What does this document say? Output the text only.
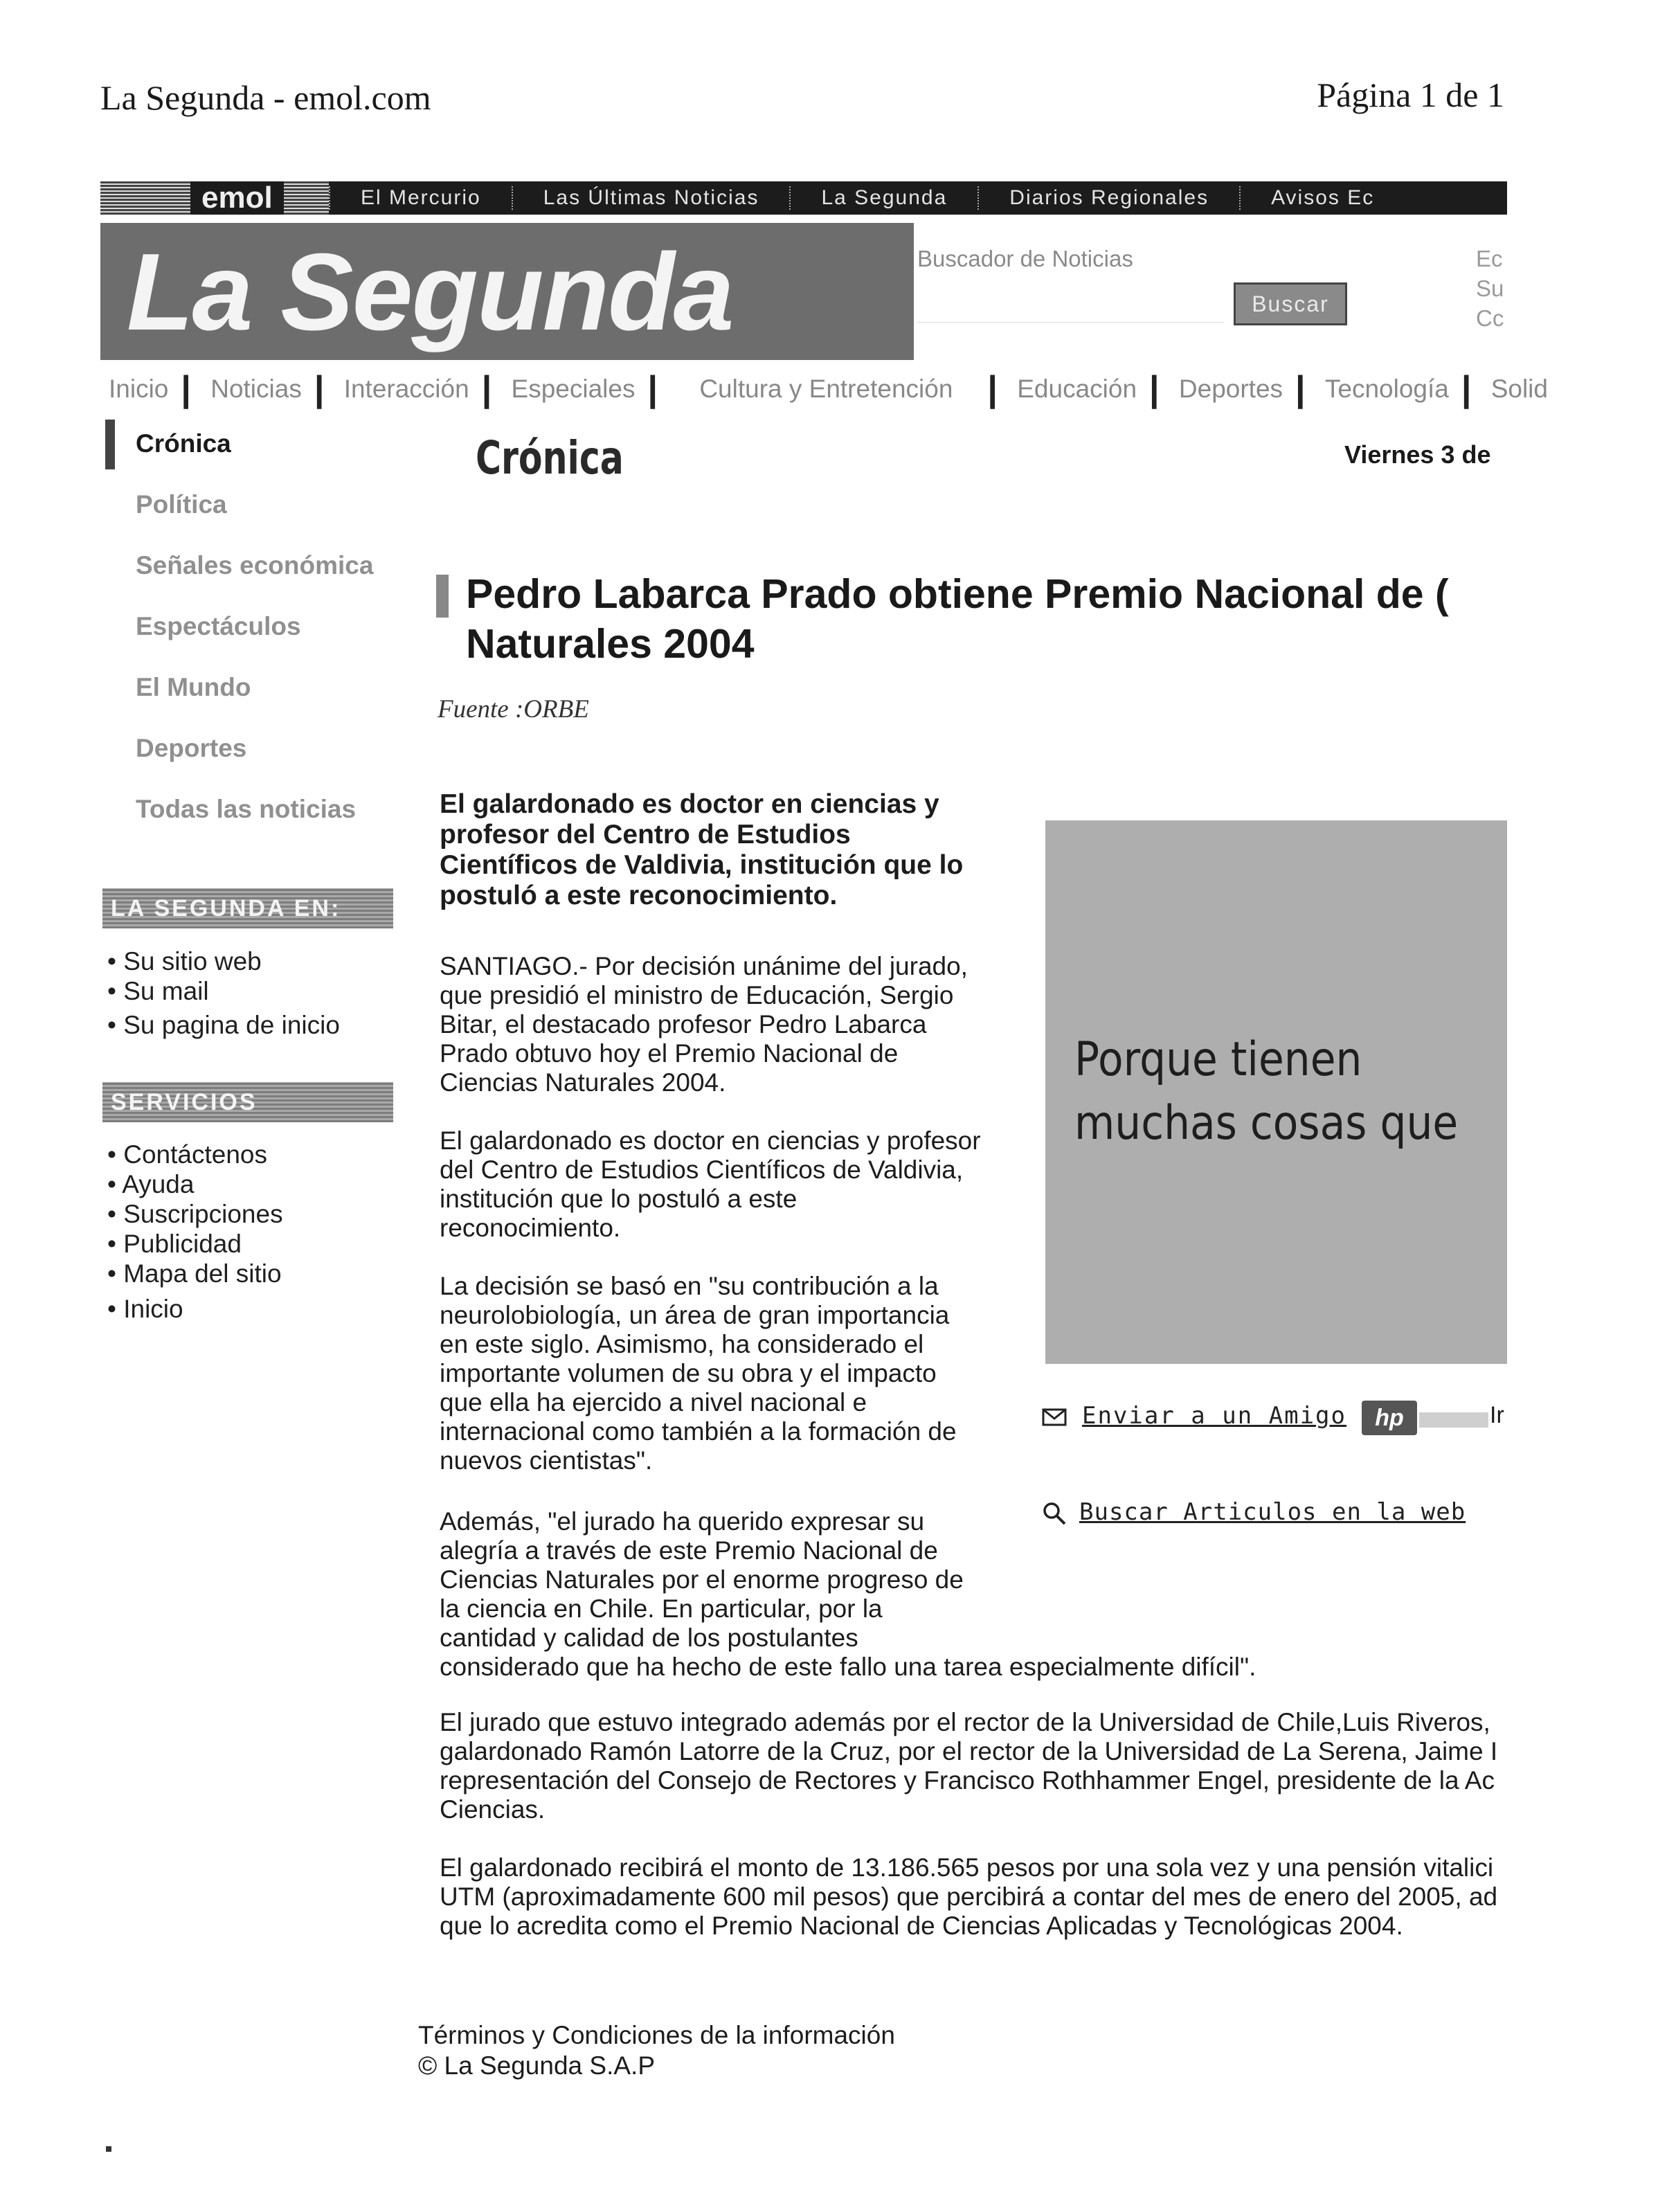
La Segunda - emol.com	Página 1 de 1
emol	El Mercurio	Las Últimas Noticias	La Segunda	Diarios Regionales	Avisos Ec
La Segunda	Buscador de Noticias
Buscar
Ec
Su
Cc
Inicio | Noticias | Interacción | Especiales | Cultura y Entretención | Educación | Deportes | Tecnología | Solid
Crónica
Política
Señales económica
Espectáculos
El Mundo
Deportes
Todas las noticias
LA SEGUNDA EN:
• Su sitio web
• Su mail
• Su pagina de inicio
SERVICIOS
• Contáctenos
• Ayuda
• Suscripciones
• Publicidad
• Mapa del sitio
• Inicio
Crónica	Viernes 3 de
Pedro Labarca Prado obtiene Premio Nacional de (
Naturales 2004
Fuente :ORBE
El galardonado es doctor en ciencias y
profesor del Centro de Estudios
Científicos de Valdivia, institución que lo
postuló a este reconocimiento.
SANTIAGO.- Por decisión unánime del jurado,
que presidió el ministro de Educación, Sergio
Bitar, el destacado profesor Pedro Labarca
Prado obtuvo hoy el Premio Nacional de
Ciencias Naturales 2004.
El galardonado es doctor en ciencias y profesor
del Centro de Estudios Científicos de Valdivia,
institución que lo postuló a este
reconocimiento.
La decisión se basó en "su contribución a la
neurolobiología, un área de gran importancia
en este siglo. Asimismo, ha considerado el
importante volumen de su obra y el impacto
que ella ha ejercido a nivel nacional e
internacional como también a la formación de
nuevos cientistas".
Además, "el jurado ha querido expresar su
alegría a través de este Premio Nacional de
Ciencias Naturales por el enorme progreso de
la ciencia en Chile. En particular, por la
cantidad y calidad de los postulantes
considerado que ha hecho de este fallo una tarea especialmente difícil".
El jurado que estuvo integrado además por el rector de la Universidad de Chile,Luis Riveros,
galardonado Ramón Latorre de la Cruz, por el rector de la Universidad de La Serena, Jaime I
representación del Consejo de Rectores y Francisco Rothhammer Engel, presidente de la Ac
Ciencias.
El galardonado recibirá el monto de 13.186.565 pesos por una sola vez y una pensión vitalici
UTM (aproximadamente 600 mil pesos) que percibirá a contar del mes de enero del 2005, ad
que lo acredita como el Premio Nacional de Ciencias Aplicadas y Tecnológicas 2004.
Porque tienen
muchas cosas que
Enviar a un Amigo	hp	Ir
Buscar Articulos en la web
Términos y Condiciones de la información
© La Segunda S.A.P
